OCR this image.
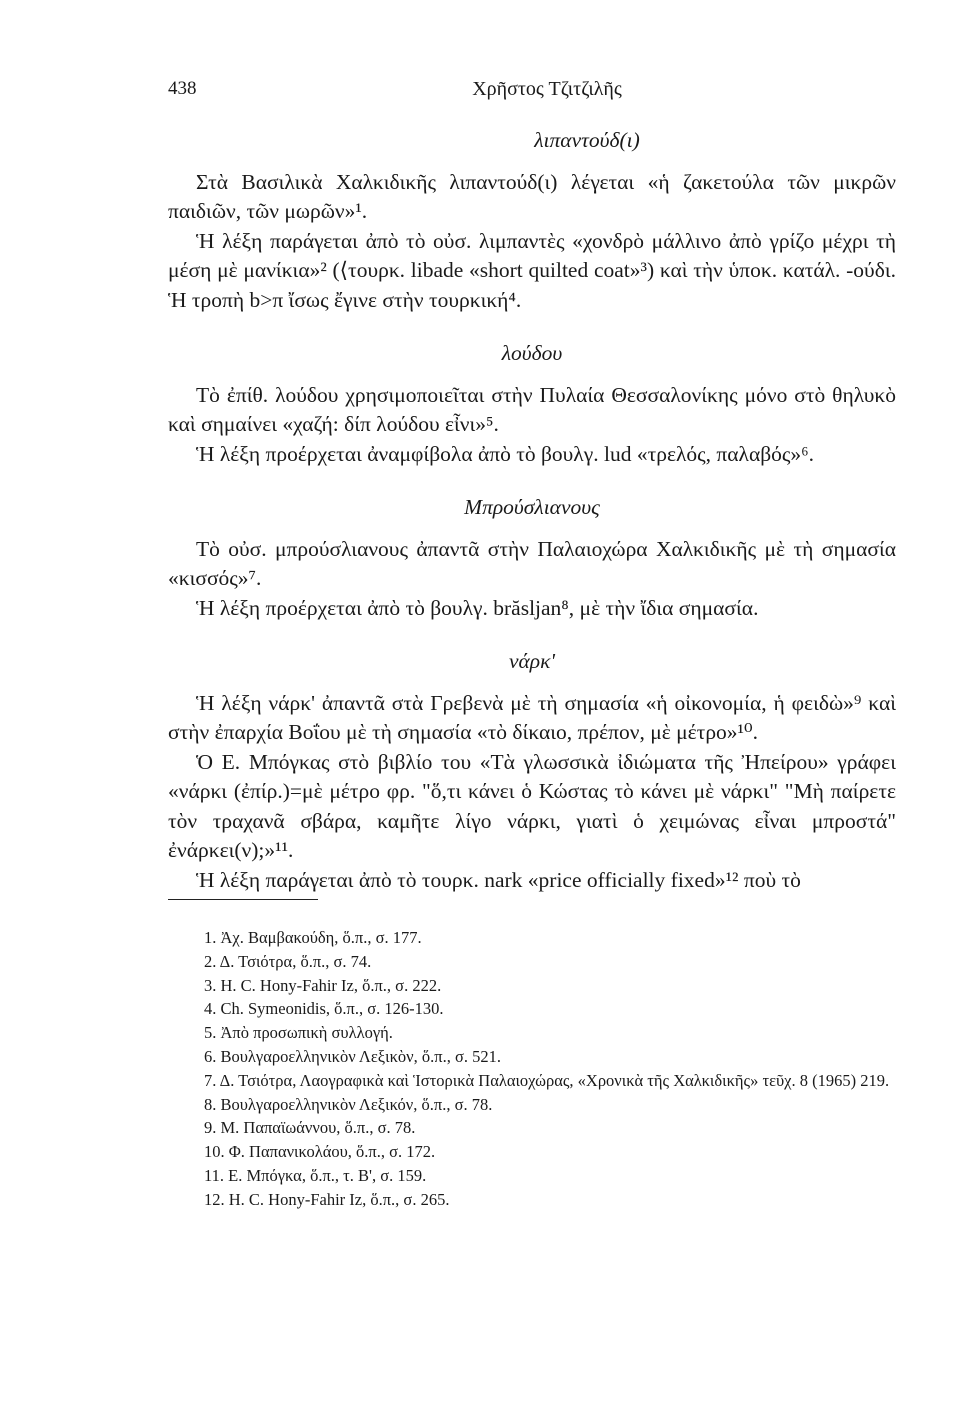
438	Χρῆστος Τζιτζιλῆς
λιπαντούδ(ι)

Στὰ Βασιλικὰ Χαλκιδικῆς λιπαντούδ(ι) λέγεται «ἡ ζακετούλα τῶν μικρῶν παιδιῶν, τῶν μωρῶν»¹.

Ἡ λέξη παράγεται ἀπὸ τὸ οὐσ. λιμπαντὲς «χονδρὸ μάλλινο ἀπὸ γρίζο μέχρι τὴ μέση μὲ μανίκια»² (⟨τουρκ. libade «short quilted coat»³) καὶ τὴν ὑποκ. κατάλ. -ούδι. Ἡ τροπὴ b>π ἴσως ἔγινε στὴν τουρκική⁴.

λούδου

Τὸ ἐπίθ. λούδου χρησιμοποιεῖται στὴν Πυλαία Θεσσαλονίκης μόνο στὸ θηλυκὸ καὶ σημαίνει «χαζή: δίπ λούδου εἶνι»⁵.

Ἡ λέξη προέρχεται ἀναμφίβολα ἀπὸ τὸ βουλγ. lud «τρελός, παλαβός»⁶.

Μπρούσλιανους

Τὸ οὐσ. μπρούσλιανους ἀπαντᾶ στὴν Παλαιοχώρα Χαλκιδικῆς μὲ τὴ σημασία «κισσός»⁷.

Ἡ λέξη προέρχεται ἀπὸ τὸ βουλγ. brăsljan⁸, μὲ τὴν ἴδια σημασία.

νάρκ'

Ἡ λέξη νάρκ' ἀπαντᾶ στὰ Γρεβενὰ μὲ τὴ σημασία «ἡ οἰκονομία, ἡ φειδὼ»⁹ καὶ στὴν ἐπαρχία Βοΐου μὲ τὴ σημασία «τὸ δίκαιο, πρέπον, μὲ μέτρο»¹⁰.

Ὁ Ε. Μπόγκας στὸ βιβλίο του «Τὰ γλωσσικὰ ἰδιώματα τῆς Ἠπείρου» γράφει «νάρκι (ἐπίρ.)=μὲ μέτρο φρ. "ὅ,τι κάνει ὁ Κώστας τὸ κάνει μὲ νάρκι" "Μὴ παίρετε τὸν τραχανᾶ σβάρα, καμῆτε λίγο νάρκι, γιατὶ ὁ χειμώνας εἶναι μπροστά" ἐνάρκει(ν);»¹¹.

Ἡ λέξη παράγεται ἀπὸ τὸ τουρκ. nark «price officially fixed»¹² ποὺ τὸ

1. Ἀχ. Βαμβακούδη, ὅ.π., σ. 177.
2. Δ. Τσιότρα, ὅ.π., σ. 74.
3. H. C. Hony-Fahir Iz, ὅ.π., σ. 222.
4. Ch. Symeonidis, ὅ.π., σ. 126-130.
5. Ἀπὸ προσωπικὴ συλλογή.
6. Βουλγαροελληνικὸν Λεξικὸν, ὅ.π., σ. 521.
7. Δ. Τσιότρα, Λαογραφικὰ καὶ Ἱστορικὰ Παλαιοχώρας, «Χρονικὰ τῆς Χαλκιδικῆς» τεῦχ. 8 (1965) 219.
8. Βουλγαροελληνικὸν Λεξικόν, ὅ.π., σ. 78.
9. Μ. Παπαϊωάννου, ὅ.π., σ. 78.
10. Φ. Παπανικολάου, ὅ.π., σ. 172.
11. Ε. Μπόγκα, ὅ.π., τ. Β', σ. 159.
12. H. C. Hony-Fahir Iz, ὅ.π., σ. 265.
